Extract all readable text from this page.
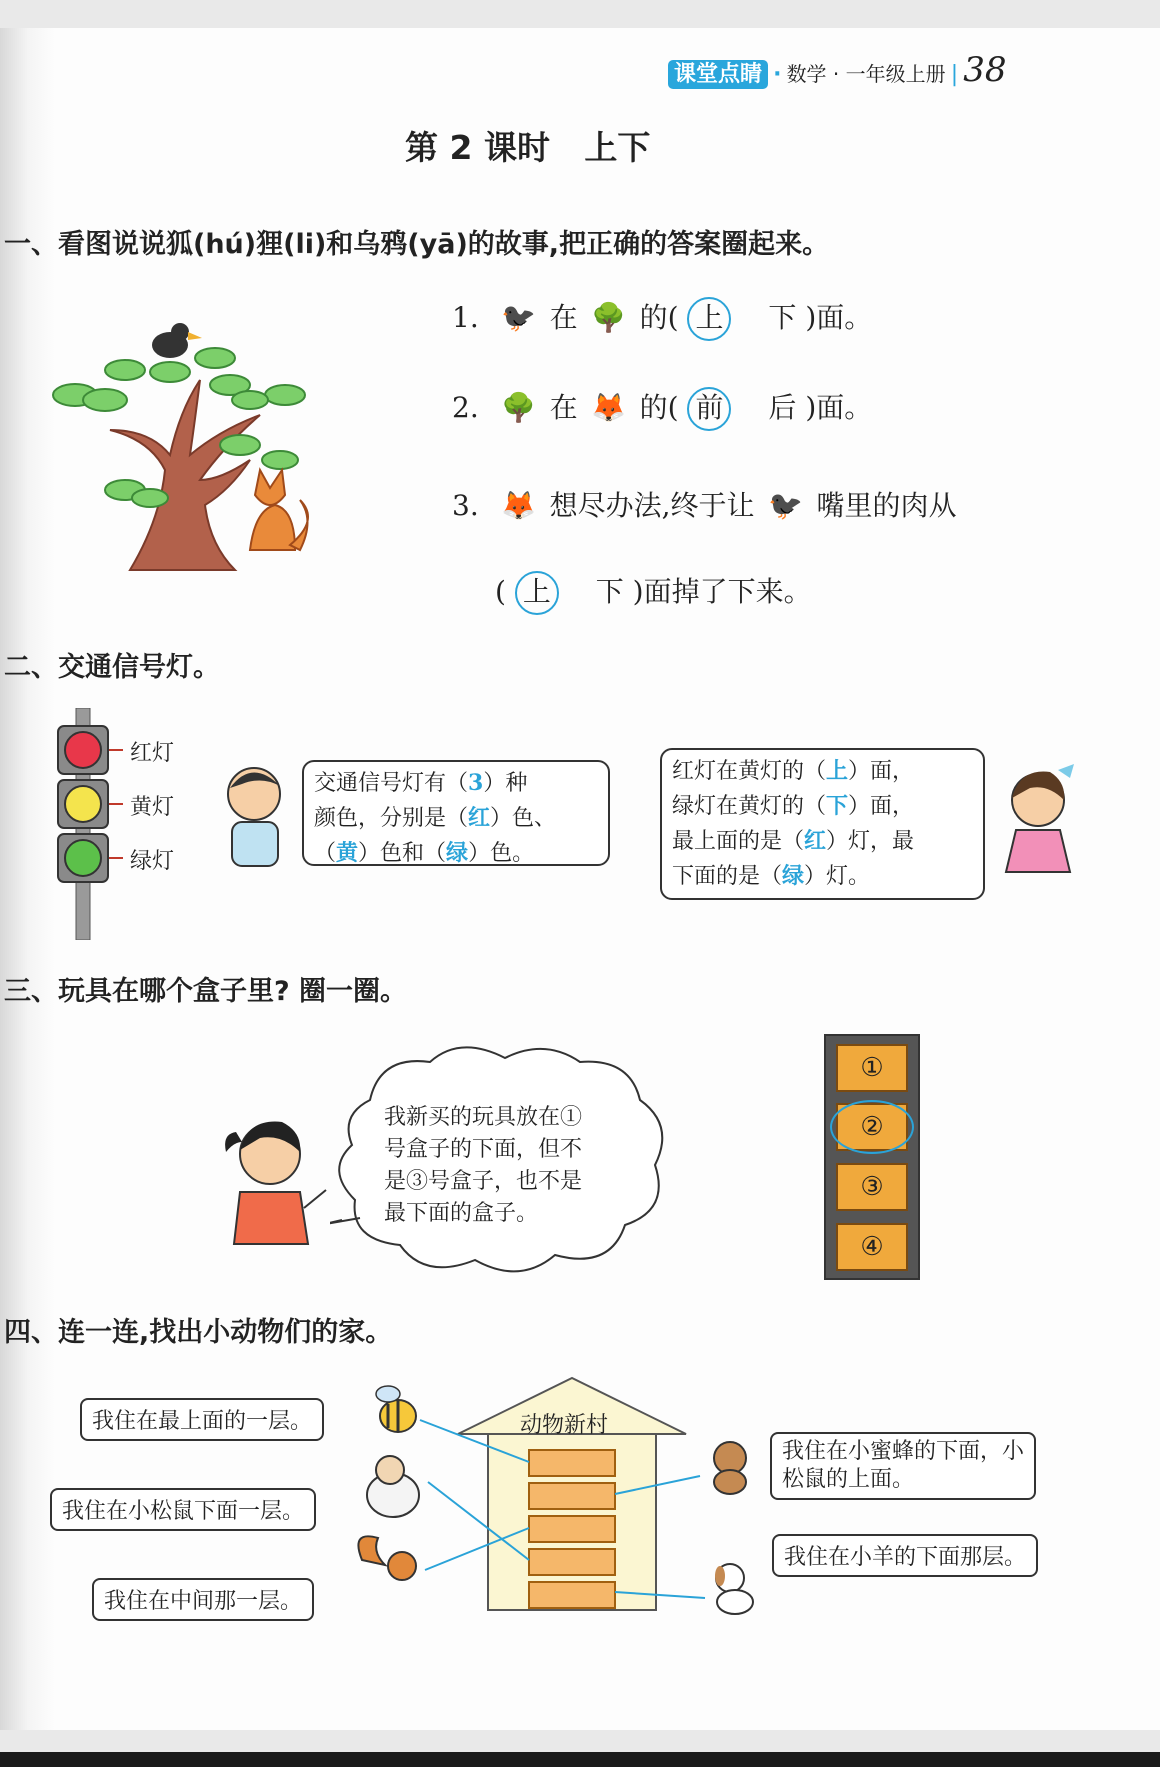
课堂点睛 · 数学 · 一年级上册 | 38
第 2 课时   上下
一、看图说说狐(hú)狸(li)和乌鸦(yā)的故事,把正确的答案圈起来。
1. 🐦‍⬛ 在 🌳 的( 上 下 )面。
2. 🌳 在 🦊 的( 前 后 )面。
3. 🦊 想尽办法,终于让 🐦‍⬛ 嘴里的肉从
( 上 下 )面掉了下来。
二、交通信号灯。
红灯
黄灯
绿灯
交通信号灯有（3）种
颜色，分别是（红）色、
（黄）色和（绿）色。
红灯在黄灯的（上）面，
绿灯在黄灯的（下）面，
最上面的是（红）灯，最
下面的是（绿）灯。
三、玩具在哪个盒子里? 圈一圈。
我新买的玩具放在①
号盒子的下面，但不
是③号盒子，也不是
最下面的盒子。
①
②
③
④
四、连一连,找出小动物们的家。
动物新村
我住在最上面的一层。
我住在小松鼠下面一层。
我住在中间那一层。
我住在小蜜蜂的下面，小
松鼠的上面。
我住在小羊的下面那层。
